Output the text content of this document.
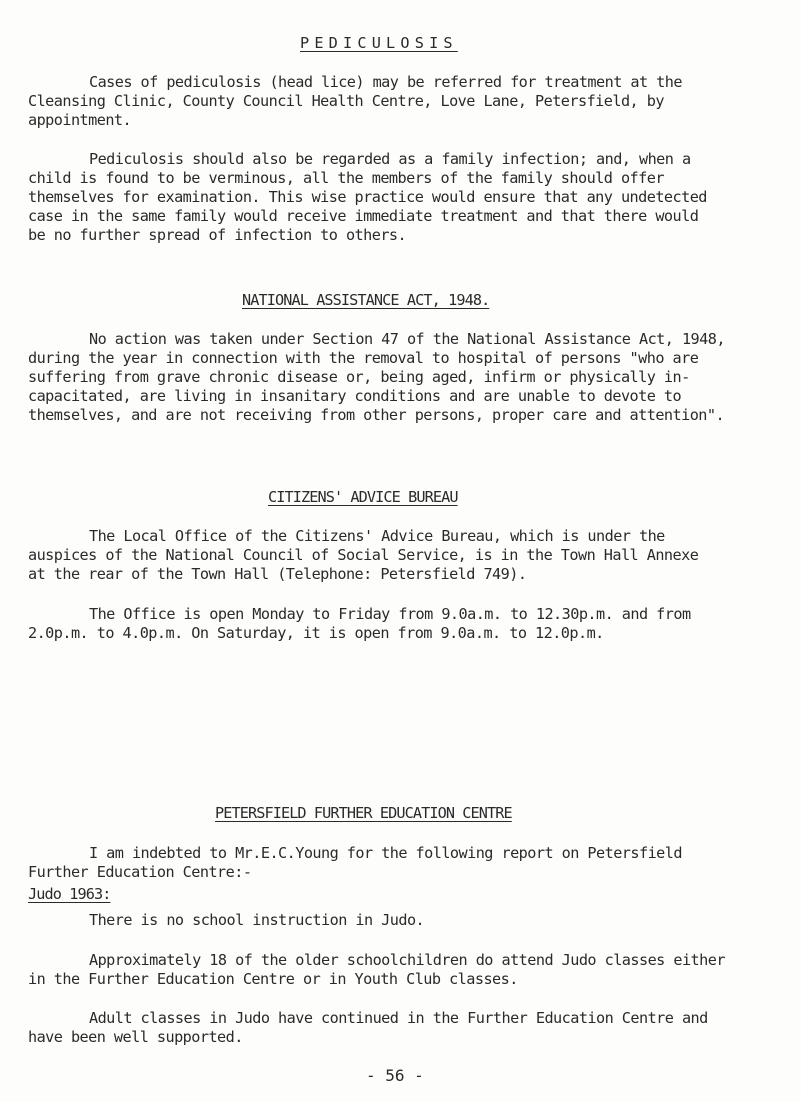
PEDICULOSIS
Cases of pediculosis (head lice) may be referred for treatment at the
Cleansing Clinic, County Council Health Centre, Love Lane, Petersfield, by
appointment.
Pediculosis should also be regarded as a family infection; and, when a
child is found to be verminous, all the members of the family should offer
themselves for examination. This wise practice would ensure that any undetected
case in the same family would receive immediate treatment and that there would
be no further spread of infection to others.
NATIONAL ASSISTANCE ACT, 1948.
No action was taken under Section 47 of the National Assistance Act, 1948,
during the year in connection with the removal to hospital of persons "who are
suffering from grave chronic disease or, being aged, infirm or physically in-
capacitated, are living in insanitary conditions and are unable to devote to
themselves, and are not receiving from other persons, proper care and attention".
CITIZENS' ADVICE BUREAU
The Local Office of the Citizens' Advice Bureau, which is under the
auspices of the National Council of Social Service, is in the Town Hall Annexe
at the rear of the Town Hall (Telephone: Petersfield 749).
The Office is open Monday to Friday from 9.0a.m. to 12.30p.m. and from
2.0p.m. to 4.0p.m. On Saturday, it is open from 9.0a.m. to 12.0p.m.
PETERSFIELD FURTHER EDUCATION CENTRE
I am indebted to Mr.E.C.Young for the following report on Petersfield
Further Education Centre:-
Judo 1963:
There is no school instruction in Judo.
Approximately 18 of the older schoolchildren do attend Judo classes either
in the Further Education Centre or in Youth Club classes.
Adult classes in Judo have continued in the Further Education Centre and
have been well supported.
- 56 -
